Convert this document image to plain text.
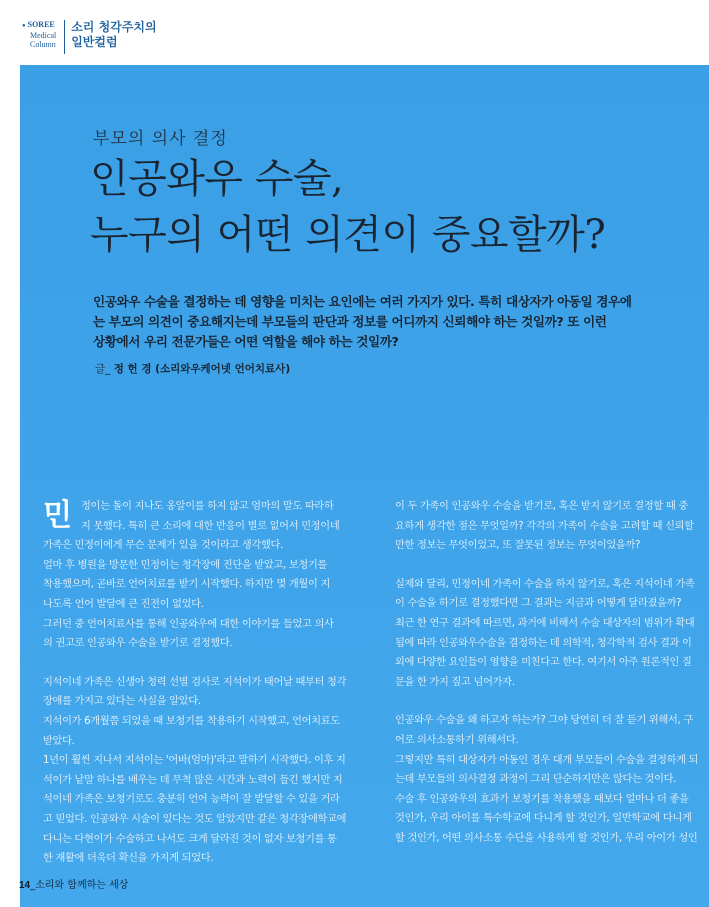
● SOREE
Medical
Column
소리 청각주치의
일반컬럼
부모의 의사 결정
인공와우 수술,
누구의 어떤 의견이 중요할까?
인공와우 수술을 결정하는 데 영향을 미치는 요인에는 여러 가지가 있다. 특히 대상자가 아동일 경우에
는 부모의 의견이 중요해지는데 부모들의 판단과 정보를 어디까지 신뢰해야 하는 것일까? 또 이런
상황에서 우리 전문가들은 어떤 역할을 해야 하는 것일까?
글_ 정 헌 경 (소리와우케어넷 언어치료사)
민 정이는 돌이 지나도 옹알이를 하지 않고 엄마의 말도 따라하
지 못했다. 특히 큰 소리에 대한 반응이 별로 없어서 민정이네
가족은 민정이에게 무슨 문제가 있을 것이라고 생각했다.
얼마 후 병원을 방문한 민정이는 청각장애 진단을 받았고, 보청기를
착용했으며, 곧바로 언어치료를 받기 시작했다. 하지만 몇 개월이 지
나도록 언어 발달에 큰 진전이 없었다.
그러던 중 언어치료사를 통해 인공와우에 대한 이야기를 들었고 의사
의 권고로 인공와우 수술을 받기로 결정했다.
지석이네 가족은 신생아 청력 선별 검사로 지석이가 태어날 때부터 청각
장애를 가지고 있다는 사실을 알았다.
지석이가 6개월쯤 되었을 때 보청기를 착용하기 시작했고, 언어치료도
받았다.
1년이 훨씬 지나서 지석이는 '어바(엄마)'라고 말하기 시작했다. 이후 지
석이가 낱말 하나를 배우는 데 무척 많은 시간과 노력이 들긴 했지만 지
석이네 가족은 보청기로도 충분히 언어 능력이 잘 발달할 수 있을 거라
고 믿었다. 인공와우 시술이 있다는 것도 알았지만 같은 청각장애학교에
다니는 다현이가 수술하고 나서도 크게 달라진 것이 없자 보청기를 통
한 재활에 더욱더 확신을 가지게 되었다.
이 두 가족이 인공와우 수술을 받기로, 혹은 받지 않기로 결정할 때 중
요하게 생각한 점은 무엇일까? 각각의 가족이 수술을 고려할 때 신뢰할
만한 정보는 무엇이었고, 또 잘못된 정보는 무엇이었을까?
실제와 달리, 민정이네 가족이 수술을 하지 않기로, 혹은 지석이네 가족
이 수술을 하기로 결정했다면 그 결과는 지금과 어떻게 달라졌을까?
최근 한 연구 결과에 따르면, 과거에 비해서 수술 대상자의 범위가 확대
됨에 따라 인공와우수술을 결정하는 데 의학적, 청각학적 검사 결과 이
외에 다양한 요인들이 영향을 미친다고 한다. 여기서 아주 원론적인 질
문을 한 가지 짚고 넘어가자.
인공와우 수술을 왜 하고자 하는가? 그야 당연히 더 잘 듣기 위해서, 구
어로 의사소통하기 위해서다.
그렇지만 특히 대상자가 아동인 경우 대개 부모들이 수술을 결정하게 되
는데 부모들의 의사결정 과정이 그리 단순하지만은 않다는 것이다.
수술 후 인공와우의 효과가 보청기를 착용했을 때보다 얼마나 더 좋을
것인가, 우리 아이를 특수학교에 다니게 할 것인가, 일반학교에 다니게
할 것인가, 어떤 의사소통 수단을 사용하게 할 것인가, 우리 아이가 성인
14_소리와 함께하는 세상
